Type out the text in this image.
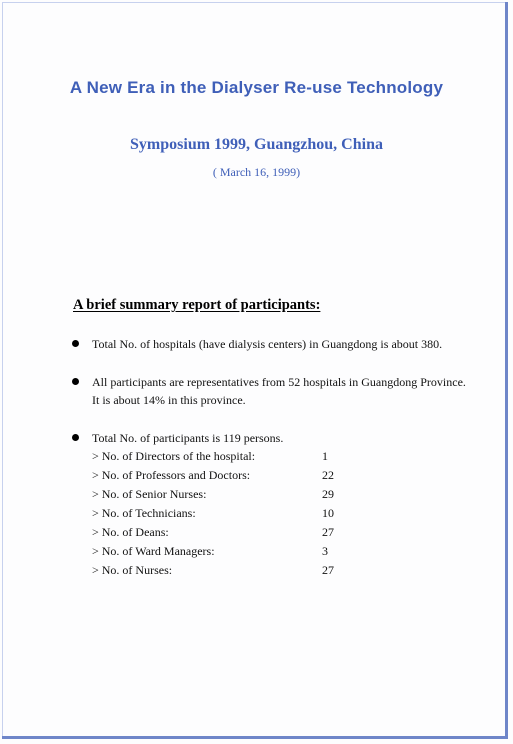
A New Era in the Dialyser Re-use Technology
Symposium 1999, Guangzhou, China
( March 16, 1999)
A brief summary report of participants:
Total No. of hospitals (have dialysis centers) in Guangdong is about 380.
All participants are representatives from 52 hospitals in Guangdong Province.
It is about 14% in this province.
Total No. of participants is 119 persons.
> No. of Directors of the hospital:	1
> No. of Professors and Doctors:	22
> No. of Senior Nurses:	29
> No. of Technicians:	10
> No. of Deans:	27
> No. of Ward Managers:	3
> No. of Nurses:	27
